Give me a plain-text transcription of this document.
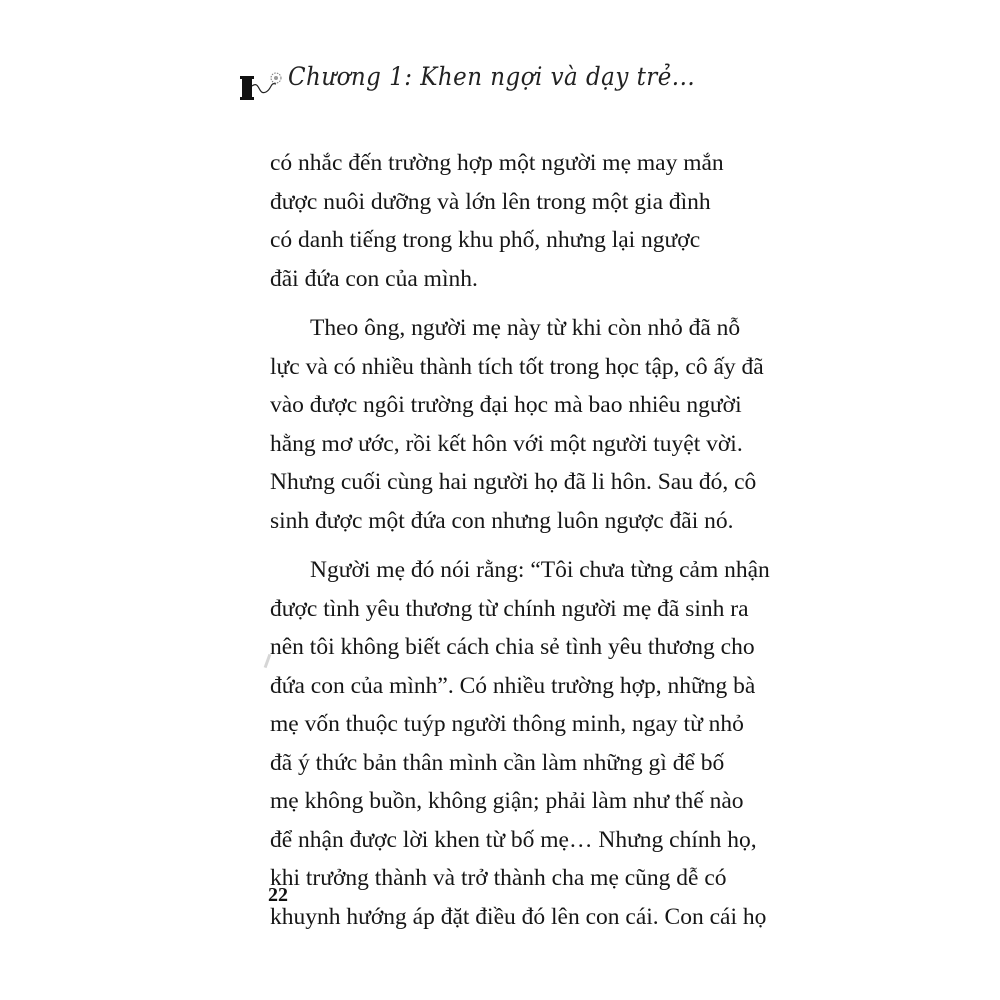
Chương 1: Khen ngợi và dạy trẻ...

có nhắc đến trường hợp một người mẹ may mắn
được nuôi dưỡng và lớn lên trong một gia đình
có danh tiếng trong khu phố, nhưng lại ngược
đãi đứa con của mình.

Theo ông, người mẹ này từ khi còn nhỏ đã nỗ
lực và có nhiều thành tích tốt trong học tập, cô ấy đã
vào được ngôi trường đại học mà bao nhiêu người
hằng mơ ước, rồi kết hôn với một người tuyệt vời.
Nhưng cuối cùng hai người họ đã li hôn. Sau đó, cô
sinh được một đứa con nhưng luôn ngược đãi nó.

Người mẹ đó nói rằng: “Tôi chưa từng cảm nhận
được tình yêu thương từ chính người mẹ đã sinh ra
nên tôi không biết cách chia sẻ tình yêu thương cho
đứa con của mình”. Có nhiều trường hợp, những bà
mẹ vốn thuộc tuýp người thông minh, ngay từ nhỏ
đã ý thức bản thân mình cần làm những gì để bố
mẹ không buồn, không giận; phải làm như thế nào
để nhận được lời khen từ bố mẹ… Nhưng chính họ,
khi trưởng thành và trở thành cha mẹ cũng dễ có
khuynh hướng áp đặt điều đó lên con cái. Con cái họ

22
